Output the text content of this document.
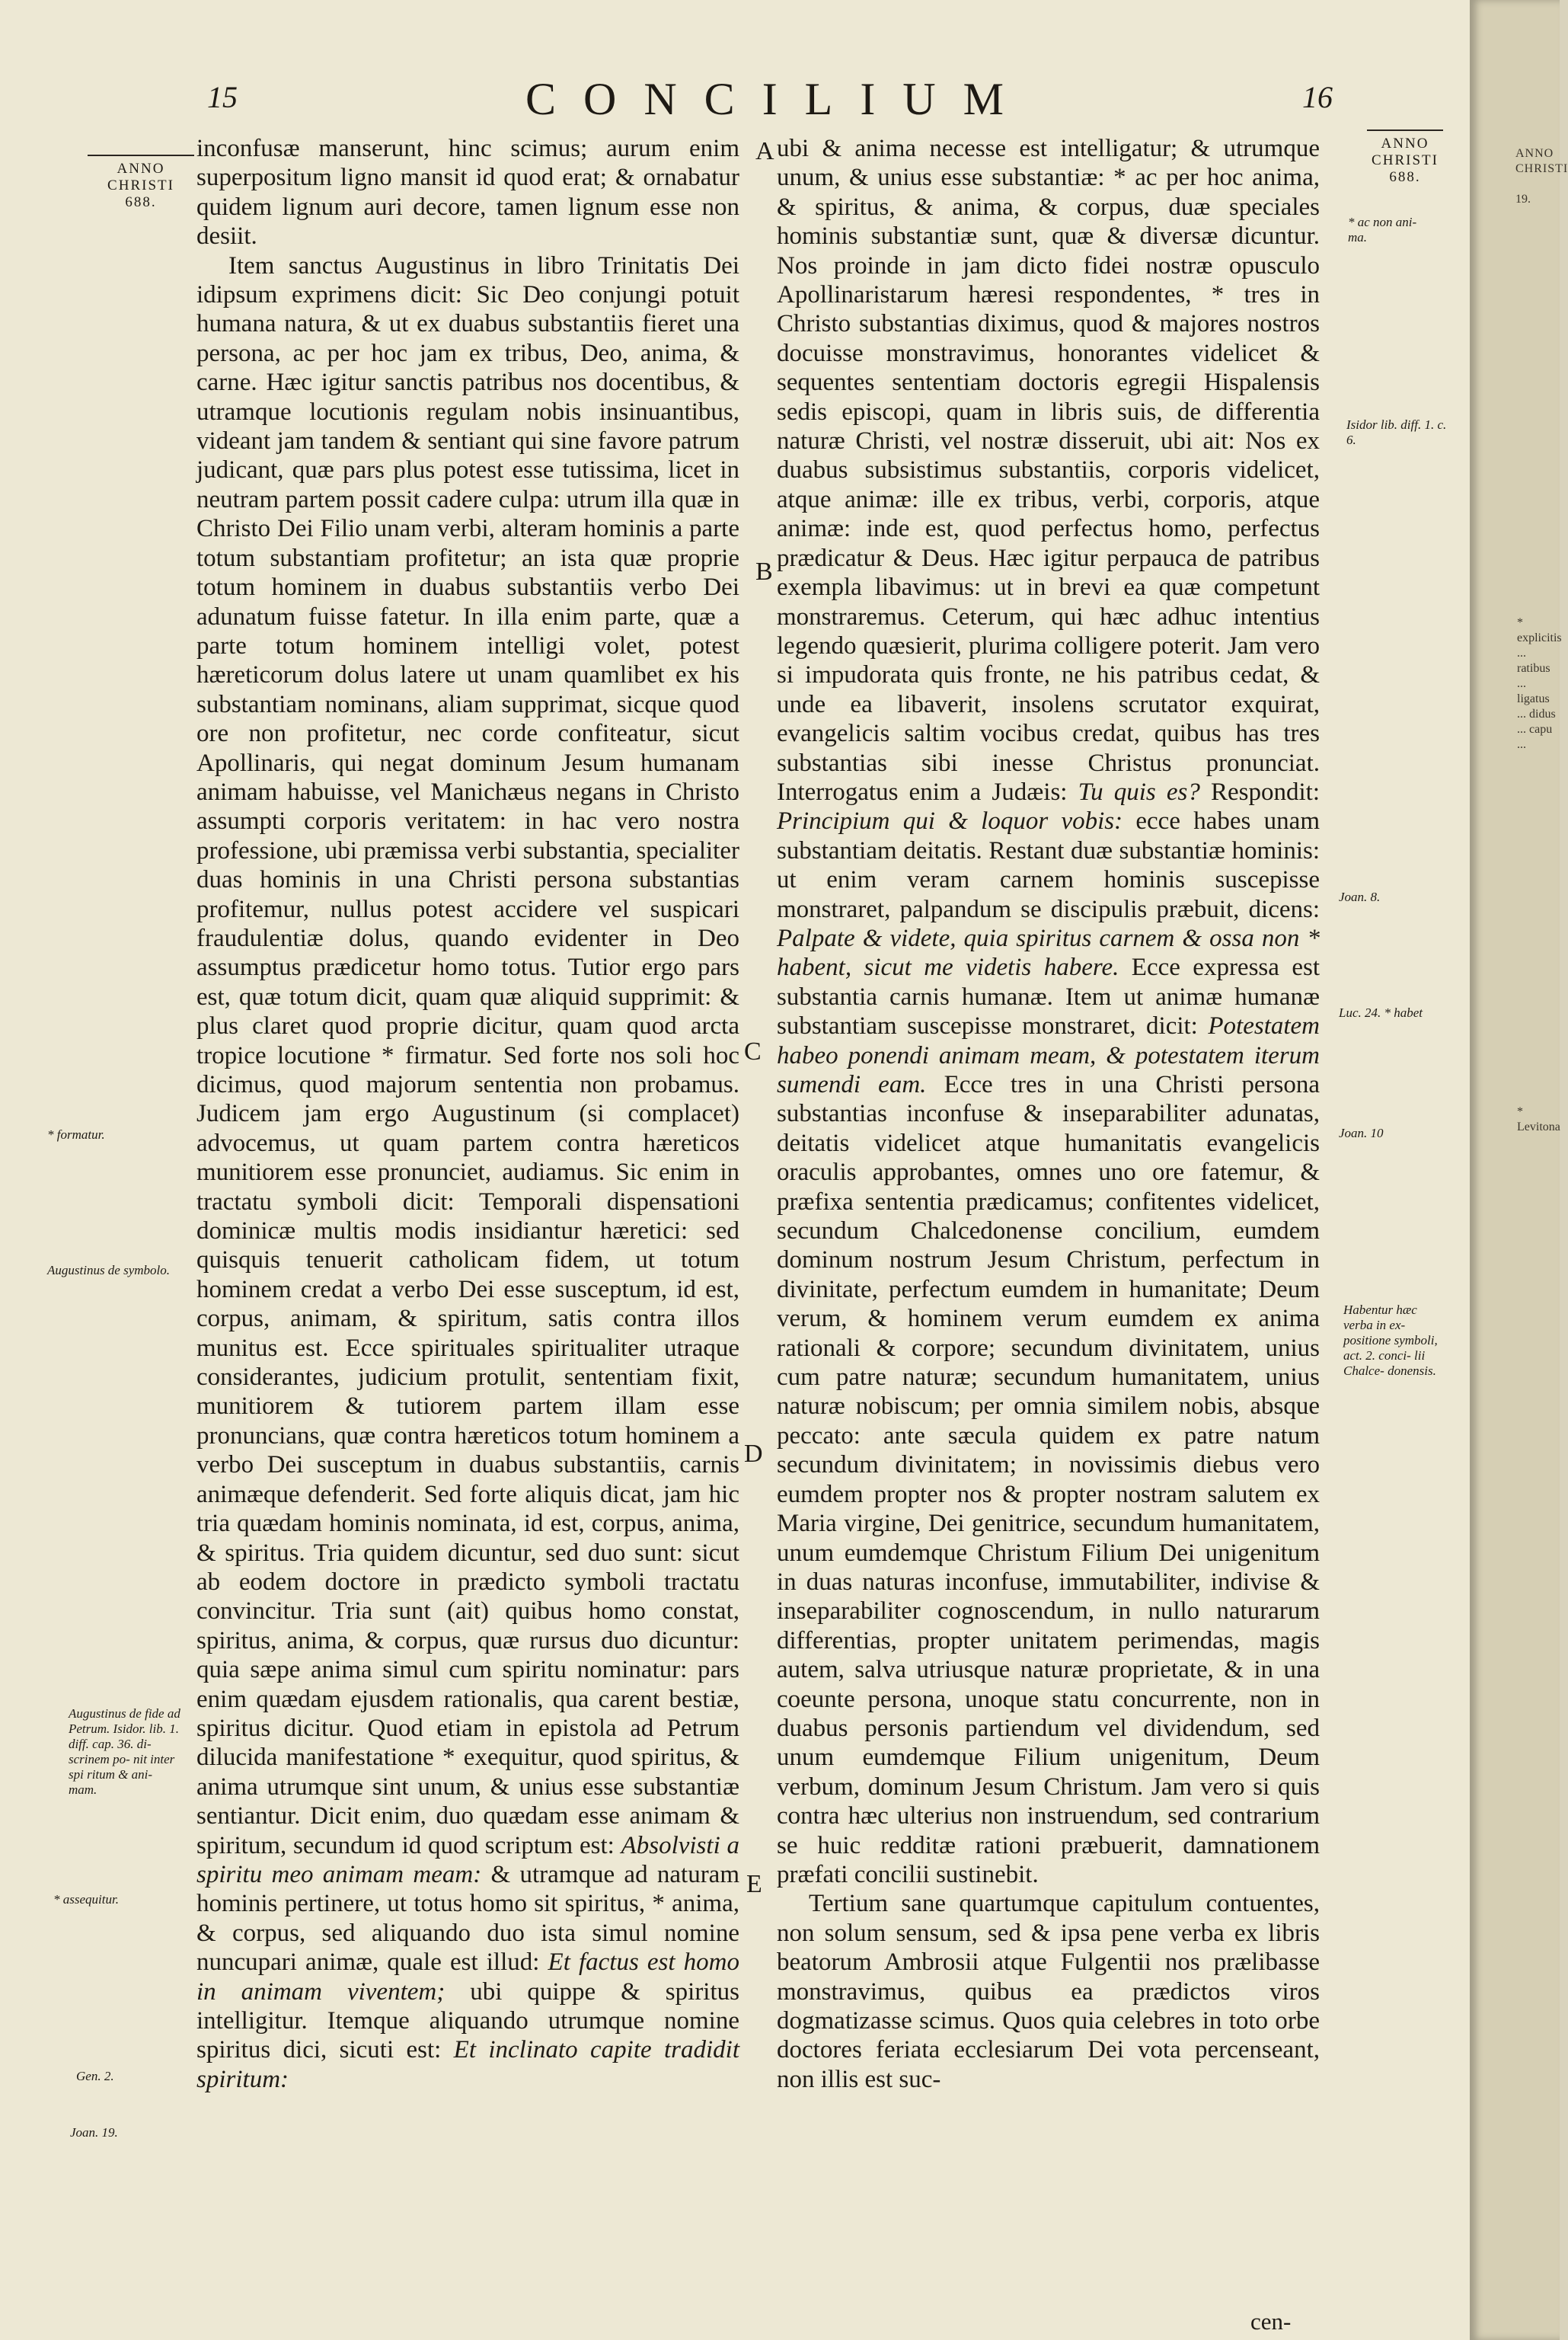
15	CONCILIUM	16
ANNO CHRISTI
688.
ANNO CHRISTI
688.

inconfusæ manserunt, hinc scimus; aurum enim superpositum ligno mansit id quod erat; & ornabatur quidem lignum auri decore, tamen lignum esse non desiit.

Item sanctus Augustinus in libro Trinitatis Dei idipsum exprimens dicit: Sic Deo conjungi potuit humana natura, & ut ex duabus substantiis fieret una persona, ac per hoc jam ex tribus, Deo, anima, & carne. Hæc igitur sanctis patribus nos docentibus, & utramque locutionis regulam nobis insinuantibus, videant jam tandem & sentiant qui sine favore patrum judicant, quæ pars plus potest esse tutissima, licet in neutram partem possit cadere culpa: utrum illa quæ in Christo Dei Filio unam verbi, alteram hominis a parte totum substantiam profitetur; an ista quæ proprie totum hominem in duabus substantiis verbo Dei adunatum fuisse fatetur. In illa enim parte, quæ a parte totum hominem intelligi volet, potest hæreticorum dolus latere ut unam quamlibet ex his substantiam nominans, aliam supprimat, sicque quod ore non profitetur, nec corde confiteatur, sicut Apollinaris, qui negat dominum Jesum humanam animam habuisse, vel Manichæus negans in Christo assumpti corporis veritatem: in hac vero nostra professione, ubi præmissa verbi substantia, specialiter duas hominis in una Christi persona substantias profitemur, nullus potest accidere vel suspicari fraudulentiæ dolus, quando evidenter in Deo assumptus prædicetur homo totus. Tutior ergo pars est, quæ totum dicit, quam quæ aliquid supprimit: & plus claret quod proprie dicitur, quam quod arcta tropice locutione * firmatur. Sed forte nos soli hoc dicimus, quod majorum sententia non probamus. Judicem jam ergo Augustinum (si complacet) advocemus, ut quam partem contra hæreticos munitiorem esse pronunciet, audiamus. Sic enim in tractatu symboli dicit: Temporali dispensationi dominicæ multis modis insidiantur hæretici: sed quisquis tenuerit catholicam fidem, ut totum hominem credat a verbo Dei esse susceptum, id est, corpus, animam, & spiritum, satis contra illos munitus est. Ecce spirituales spiritualiter utraque considerantes, judicium protulit, sententiam fixit, munitiorem & tutiorem partem illam esse pronuncians, quæ contra hæreticos totum hominem a verbo Dei susceptum in duabus substantiis, carnis animæque defenderit. Sed forte aliquis dicat, jam hic tria quædam hominis nominata, id est, corpus, anima, & spiritus. Tria quidem dicuntur, sed duo sunt: sicut ab eodem doctore in prædicto symboli tractatu convincitur. Tria sunt (ait) quibus homo constat, spiritus, anima, & corpus, quæ rursus duo dicuntur: quia sæpe anima simul cum spiritu nominatur: pars enim quædam ejusdem rationalis, qua carent bestiæ, spiritus dicitur. Quod etiam in epistola ad Petrum dilucida manifestatione * exequitur, quod spiritus, & anima utrumque sint unum, & unius esse substantiæ sentiantur. Dicit enim, duo quædam esse animam & spiritum, secundum id quod scriptum est: Absolvisti a spiritu meo animam meam: & utramque ad naturam hominis pertinere, ut totus homo sit spiritus, * anima, & corpus, sed aliquando duo ista simul nomine nuncupari animæ, quale est illud: Et factus est homo in animam viventem; ubi quippe & spiritus intelligitur. Itemque aliquando utrumque nomine spiritus dici, sicuti est: Et inclinato capite tradidit spiritum:

ubi & anima necesse est intelligatur; & utrumque unum, & unius esse substantiæ: * ac per hoc anima, & spiritus, & anima, & corpus, duæ speciales hominis substantiæ sunt, quæ & diversæ dicuntur. Nos proinde in jam dicto fidei nostræ opusculo Apollinaristarum hæresi respondentes, * tres in Christo substantias diximus, quod & majores nostros docuisse monstravimus, honorantes videlicet & sequentes sententiam doctoris egregii Hispalensis sedis episcopi, quam in libris suis, de differentia naturæ Christi, vel nostræ disseruit, ubi ait: Nos ex duabus subsistimus substantiis, corporis videlicet, atque animæ: ille ex tribus, verbi, corporis, atque animæ: inde est, quod perfectus homo, perfectus prædicatur & Deus. Hæc igitur perpauca de patribus exempla libavimus: ut in brevi ea quæ competunt monstraremus. Ceterum, qui hæc adhuc intentius legendo quæsierit, plurima colligere poterit. Jam vero si impudorata quis fronte, ne his patribus cedat, & unde ea libaverit, insolens scrutator exquirat, evangelicis saltim vocibus credat, quibus has tres substantias sibi inesse Christus pronunciat. Interrogatus enim a Judæis: Tu quis es? Respondit: Principium qui & loquor vobis: ecce habes unam substantiam deitatis. Restant duæ substantiæ hominis: ut enim veram carnem hominis suscepisse monstraret, palpandum se discipulis præbuit, dicens: Palpate & videte, quia spiritus carnem & ossa non * habent, sicut me videtis habere. Ecce expressa est substantia carnis humanæ. Item ut animæ humanæ substantiam suscepisse monstraret, dicit: Potestatem habeo ponendi animam meam, & potestatem iterum sumendi eam. Ecce tres in una Christi persona substantias inconfuse & inseparabiliter adunatas, deitatis videlicet atque humanitatis evangelicis oraculis approbantes, omnes uno ore fatemur, & præfixa sententia prædicamus; confitentes videlicet, secundum Chalcedonense concilium, eumdem dominum nostrum Jesum Christum, perfectum in divinitate, perfectum eumdem in humanitate; Deum verum, & hominem verum eumdem ex anima rationali & corpore; secundum divinitatem, unius cum patre naturæ; secundum humanitatem, unius naturæ nobiscum; per omnia similem nobis, absque peccato: ante sæcula quidem ex patre natum secundum divinitatem; in novissimis diebus vero eumdem propter nos & propter nostram salutem ex Maria virgine, Dei genitrice, secundum humanitatem, unum eumdemque Christum Filium Dei unigenitum in duas naturas inconfuse, immutabiliter, indivise & inseparabiliter cognoscendum, in nullo naturarum differentias, propter unitatem perimendas, magis autem, salva utriusque naturæ proprietate, & in una coeunte persona, unoque statu concurrente, non in duabus personis partiendum vel dividendum, sed unum eumdemque Filium unigenitum, Deum verbum, dominum Jesum Christum. Jam vero si quis contra hæc ulterius non instruendum, sed contrarium se huic redditæ rationi præbuerit, damnationem præfati concilii sustinebit.

Tertium sane quartumque capitulum contuentes, non solum sensum, sed & ipsa pene verba ex libris beatorum Ambrosii atque Fulgentii nos prælibasse monstravimus, quibus ea prædictos viros dogmatizasse scimus. Quos quia celebres in toto orbe doctores feriata ecclesiarum Dei vota percenseant, non illis est suc-

A
B
C
D
E
* formatur.
Augustinus de symbolo.
Augustinus de fide ad Petrum. Isidor. lib. 1. diff. cap. 36. di- scrinem po- nit inter spi ritum & ani- mam.
* assequitur.
Gen. 2.
Joan. 19.
* ac non ani- ma.
Isidor lib. diff. 1. c. 6.
Joan. 8.
Luc. 24. * habet
Joan. 10
Habentur hæc verba in ex- positione symboli, act. 2. conci- lii Chalce- donensis.
cen-
ANNO CHRISTI
19.
* explicitis ... ratibus ... ligatus ... didus ... capu ...
* Levitona
